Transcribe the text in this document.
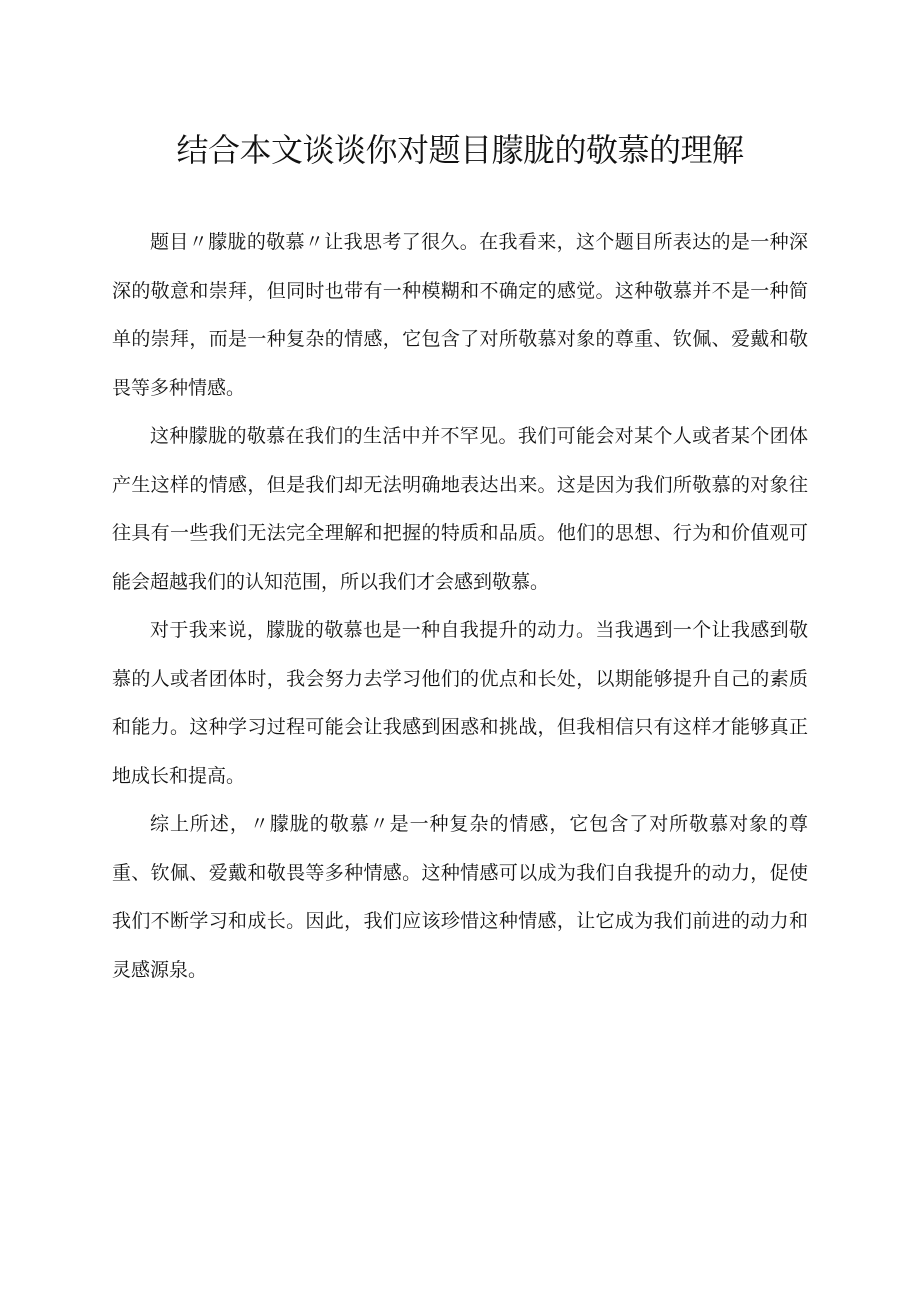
结合本文谈谈你对题目朦胧的敬慕的理解

题目〃朦胧的敬慕〃让我思考了很久。在我看来，这个题目所表达的是一种深深的敬意和崇拜，但同时也带有一种模糊和不确定的感觉。这种敬慕并不是一种简单的崇拜，而是一种复杂的情感，它包含了对所敬慕对象的尊重、钦佩、爱戴和敬畏等多种情感。

这种朦胧的敬慕在我们的生活中并不罕见。我们可能会对某个人或者某个团体产生这样的情感，但是我们却无法明确地表达出来。这是因为我们所敬慕的对象往往具有一些我们无法完全理解和把握的特质和品质。他们的思想、行为和价值观可能会超越我们的认知范围，所以我们才会感到敬慕。

对于我来说，朦胧的敬慕也是一种自我提升的动力。当我遇到一个让我感到敬慕的人或者团体时，我会努力去学习他们的优点和长处，以期能够提升自己的素质和能力。这种学习过程可能会让我感到困惑和挑战，但我相信只有这样才能够真正地成长和提高。

综上所述，〃朦胧的敬慕〃是一种复杂的情感，它包含了对所敬慕对象的尊重、钦佩、爱戴和敬畏等多种情感。这种情感可以成为我们自我提升的动力，促使我们不断学习和成长。因此，我们应该珍惜这种情感，让它成为我们前进的动力和灵感源泉。
